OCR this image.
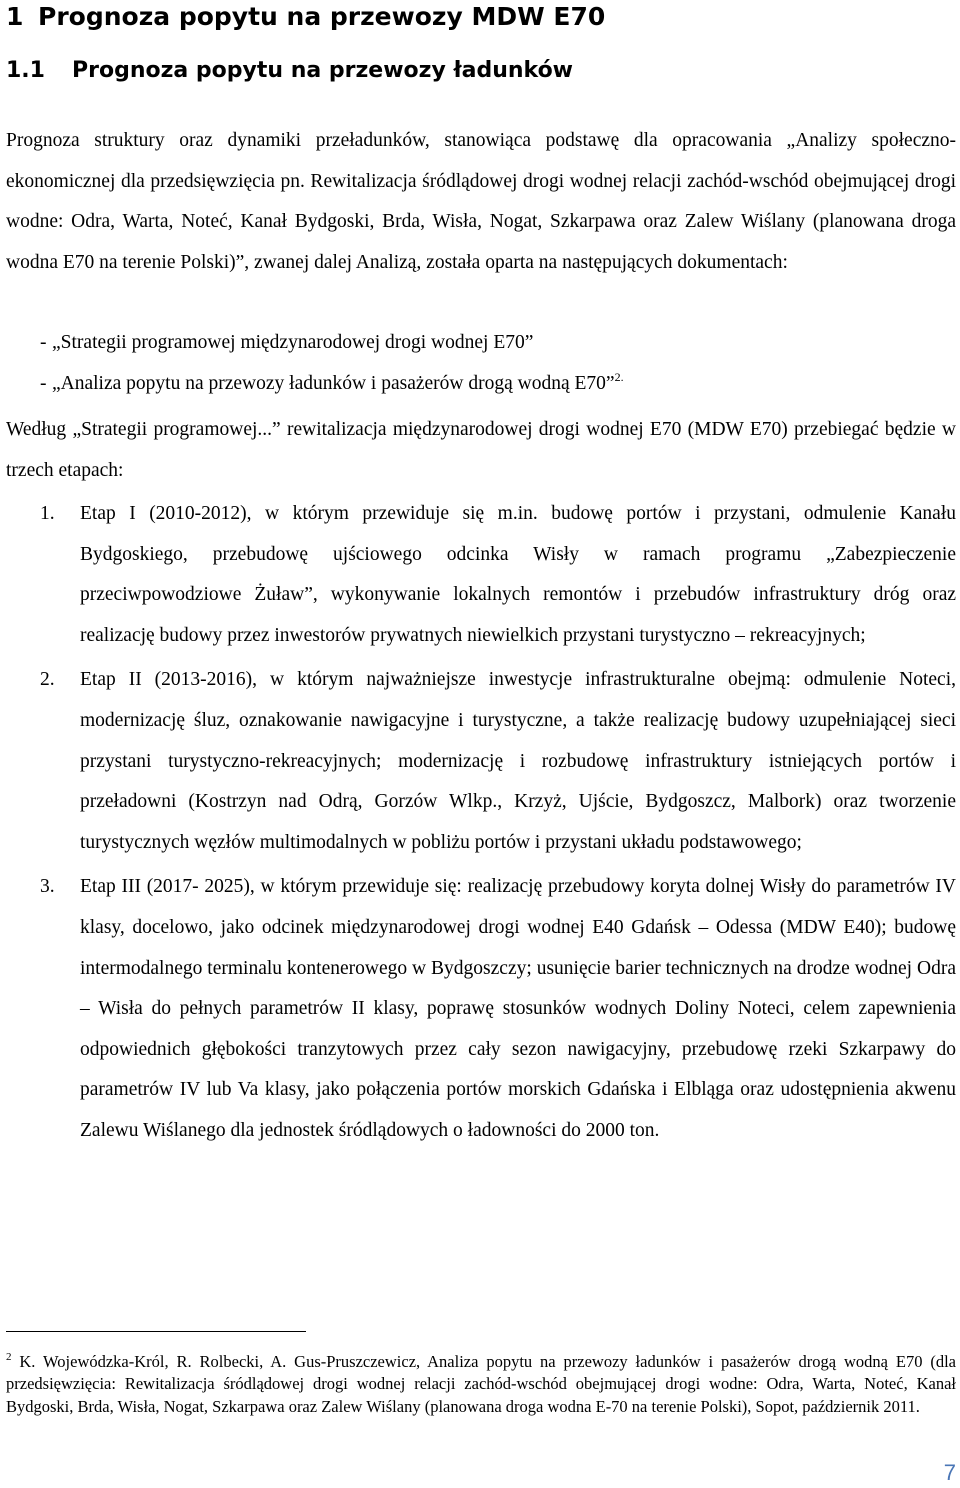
1 Prognoza popytu na przewozy MDW E70
1.1 Prognoza popytu na przewozy ładunków

Prognoza struktury oraz dynamiki przeładunków, stanowiąca podstawę dla opracowania „Analizy społeczno-ekonomicznej dla przedsięwzięcia pn. Rewitalizacja śródlądowej drogi wodnej relacji zachód-wschód obejmującej drogi wodne: Odra, Warta, Noteć, Kanał Bydgoski, Brda, Wisła, Nogat, Szkarpawa oraz Zalew Wiślany (planowana droga wodna E70 na terenie Polski)”, zwanej dalej Analizą, została oparta na następujących dokumentach:

- „Strategii programowej międzynarodowej drogi wodnej E70”
- „Analiza popytu na przewozy ładunków i pasażerów drogą wodną E70”$^{2.}$

Według „Strategii programowej...” rewitalizacja międzynarodowej drogi wodnej E70 (MDW E70) przebiegać będzie w trzech etapach:

1. Etap I (2010-2012), w którym przewiduje się m.in. budowę portów i przystani, odmulenie Kanału Bydgoskiego, przebudowę ujściowego odcinka Wisły w ramach programu „Zabezpieczenie przeciwpowodziowe Żuław”, wykonywanie lokalnych remontów i przebudów infrastruktury dróg oraz realizację budowy przez inwestorów prywatnych niewielkich przystani turystyczno – rekreacyjnych;
2. Etap II (2013-2016), w którym najważniejsze inwestycje infrastrukturalne obejmą: odmulenie Noteci, modernizację śluz, oznakowanie nawigacyjne i turystyczne, a także realizację budowy uzupełniającej sieci przystani turystyczno-rekreacyjnych; modernizację i rozbudowę infrastruktury istniejących portów i przeładowni (Kostrzyn nad Odrą, Gorzów Wlkp., Krzyż, Ujście, Bydgoszcz, Malbork) oraz tworzenie turystycznych węzłów multimodalnych w pobliżu portów i przystani układu podstawowego;
3. Etap III (2017- 2025), w którym przewiduje się: realizację przebudowy koryta dolnej Wisły do parametrów IV klasy, docelowo, jako odcinek międzynarodowej drogi wodnej E40 Gdańsk – Odessa (MDW E40); budowę intermodalnego terminalu kontenerowego w Bydgoszczy; usunięcie barier technicznych na drodze wodnej Odra – Wisła do pełnych parametrów II klasy, poprawę stosunków wodnych Doliny Noteci, celem zapewnienia odpowiednich głębokości tranzytowych przez cały sezon nawigacyjny, przebudowę rzeki Szkarpawy do parametrów IV lub Va klasy, jako połączenia portów morskich Gdańska i Elbląga oraz udostępnienia akwenu Zalewu Wiślanego dla jednostek śródlądowych o ładowności do 2000 ton.

$^2$ K. Wojewódzka-Król, R. Rolbecki, A. Gus-Pruszczewicz, Analiza popytu na przewozy ładunków i pasażerów drogą wodną E70 (dla przedsięwzięcia: Rewitalizacja śródlądowej drogi wodnej relacji zachód-wschód obejmującej drogi wodne: Odra, Warta, Noteć, Kanał Bydgoski, Brda, Wisła, Nogat, Szkarpawa oraz Zalew Wiślany (planowana droga wodna E-70 na terenie Polski), Sopot, październik 2011.

7
